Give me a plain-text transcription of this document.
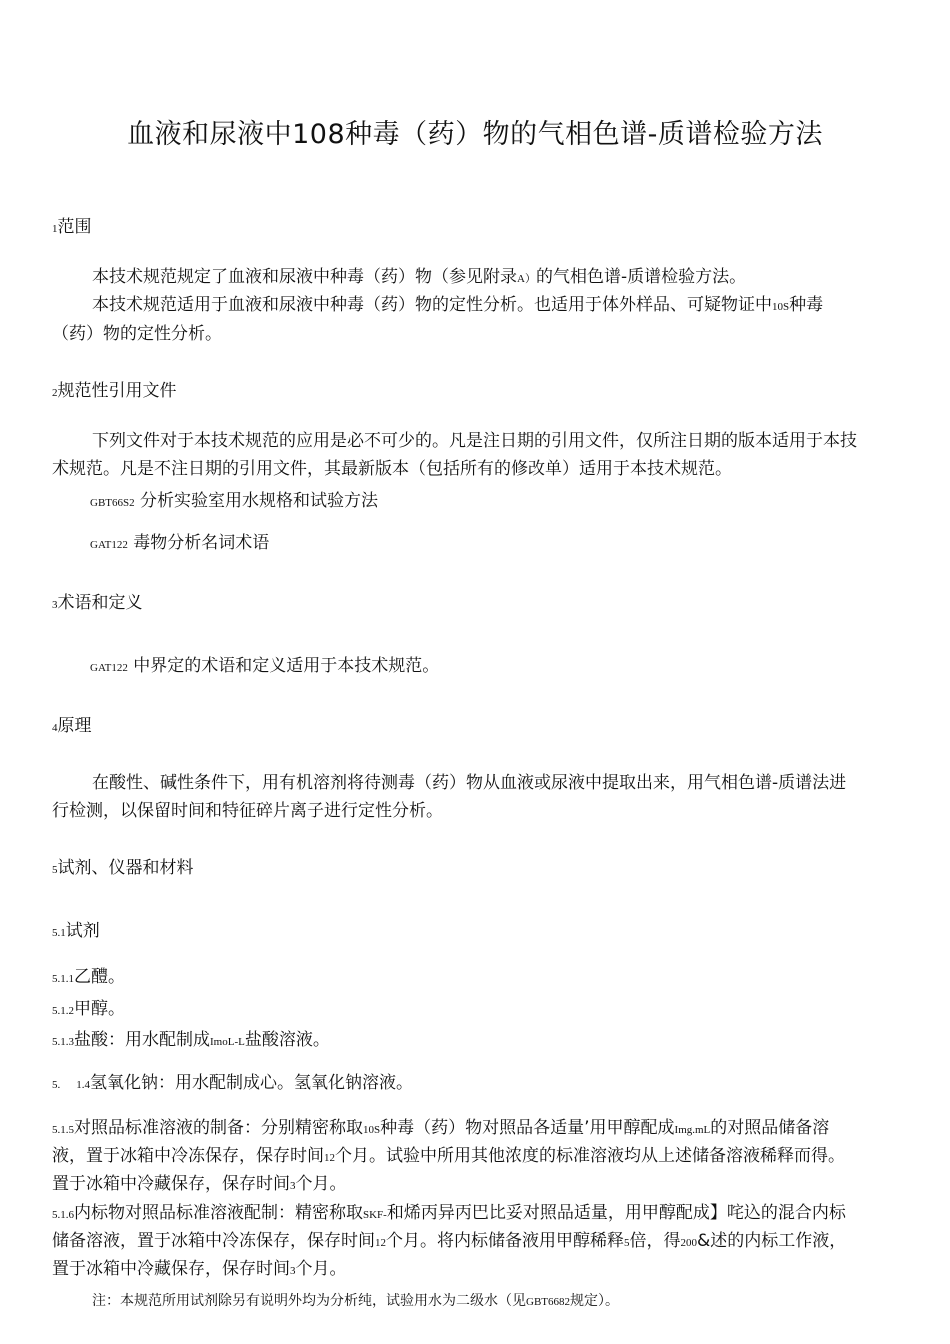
血液和尿液中108种毒（药）物的气相色谱-质谱检验方法
1范围
本技术规范规定了血液和尿液中种毒（药）物（参见附录A）的气相色谱-质谱检验方法。
本技术规范适用于血液和尿液中种毒（药）物的定性分析。也适用于体外样品、可疑物证中10S种毒
（药）物的定性分析。
2规范性引用文件
下列文件对于本技术规范的应用是必不可少的。凡是注日期的引用文件，仅所注日期的版本适用于本技
术规范。凡是不注日期的引用文件，其最新版本（包括所有的修改单）适用于本技术规范。
GBT66S2 分析实验室用水规格和试验方法
GAT122 毒物分析名词术语
3术语和定义
GAT122 中界定的术语和定义适用于本技术规范。
4原理
在酸性、碱性条件下，用有机溶剂将待测毒（药）物从血液或尿液中提取出来，用气相色谱-质谱法进
行检测，以保留时间和特征碎片离子进行定性分析。
5试剂、仪器和材料
5.1试剂
5.1.1乙醴。
5.1.2甲醇。
5.1.3盐酸：用水配制成ImoL-L盐酸溶液。
5. 1.4氢氧化钠：用水配制成心。氢氧化钠溶液。
5.1.5对照品标准溶液的制备：分别精密称取10S种毒（药）物对照品各适量’用甲醇配成Img.mL的对照品储备溶
液，置于冰箱中冷冻保存，保存时间12个月。试验中所用其他浓度的标准溶液均从上述储备溶液稀释而得。
置于冰箱中冷藏保存，保存时间3个月。
5.1.6内标物对照品标准溶液配制：精密称取SKF-和烯丙异丙巴比妥对照品适量，用甲醇配成】咤込的混合内标
储备溶液，置于冰箱中冷冻保存，保存时间12个月。将内标储备液用甲醇稀释5倍，得200&述的内标工作液，
置于冰箱中冷藏保存，保存时间3个月。
注：本规范所用试剂除另有说明外均为分析纯，试验用水为二级水（见GBT6682规定）。
